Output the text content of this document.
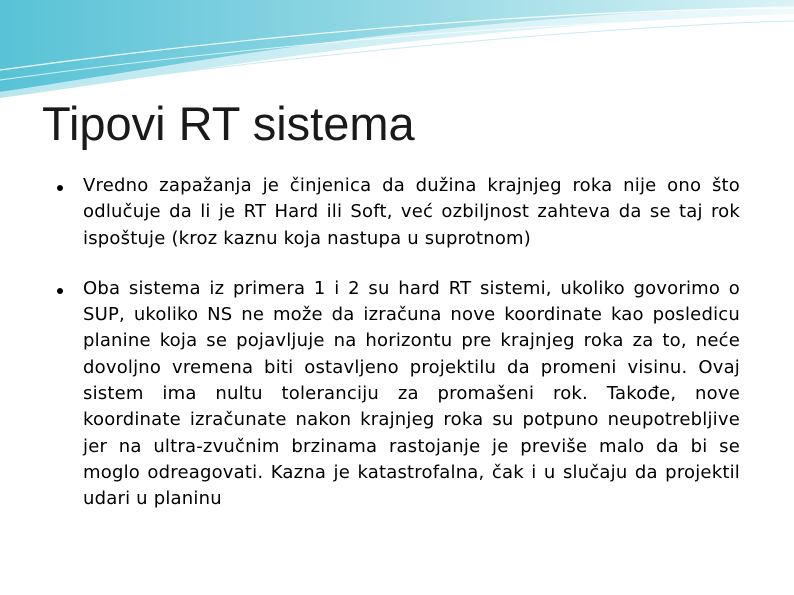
Tipovi RT sistema

Vredno zapažanja je činjenica da dužina krajnjeg roka nije ono što odlučuje da li je RT Hard ili Soft, već ozbiljnost zahteva da se taj rok ispoštuje (kroz kaznu koja nastupa u suprotnom)

Oba sistema iz primera 1 i 2 su hard RT sistemi, ukoliko govorimo o SUP, ukoliko NS ne može da izračuna nove koordinate kao posledicu planine koja se pojavljuje na horizontu pre krajnjeg roka za to, neće dovoljno vremena biti ostavljeno projektilu da promeni visinu. Ovaj sistem ima nultu toleranciju za promašeni rok. Takođe, nove koordinate izračunate nakon krajnjeg roka su potpuno neupotrebljive jer na ultra-zvučnim brzinama rastojanje je previše malo da bi se moglo odreagovati. Kazna je katastrofalna, čak i u slučaju da projektil udari u planinu
